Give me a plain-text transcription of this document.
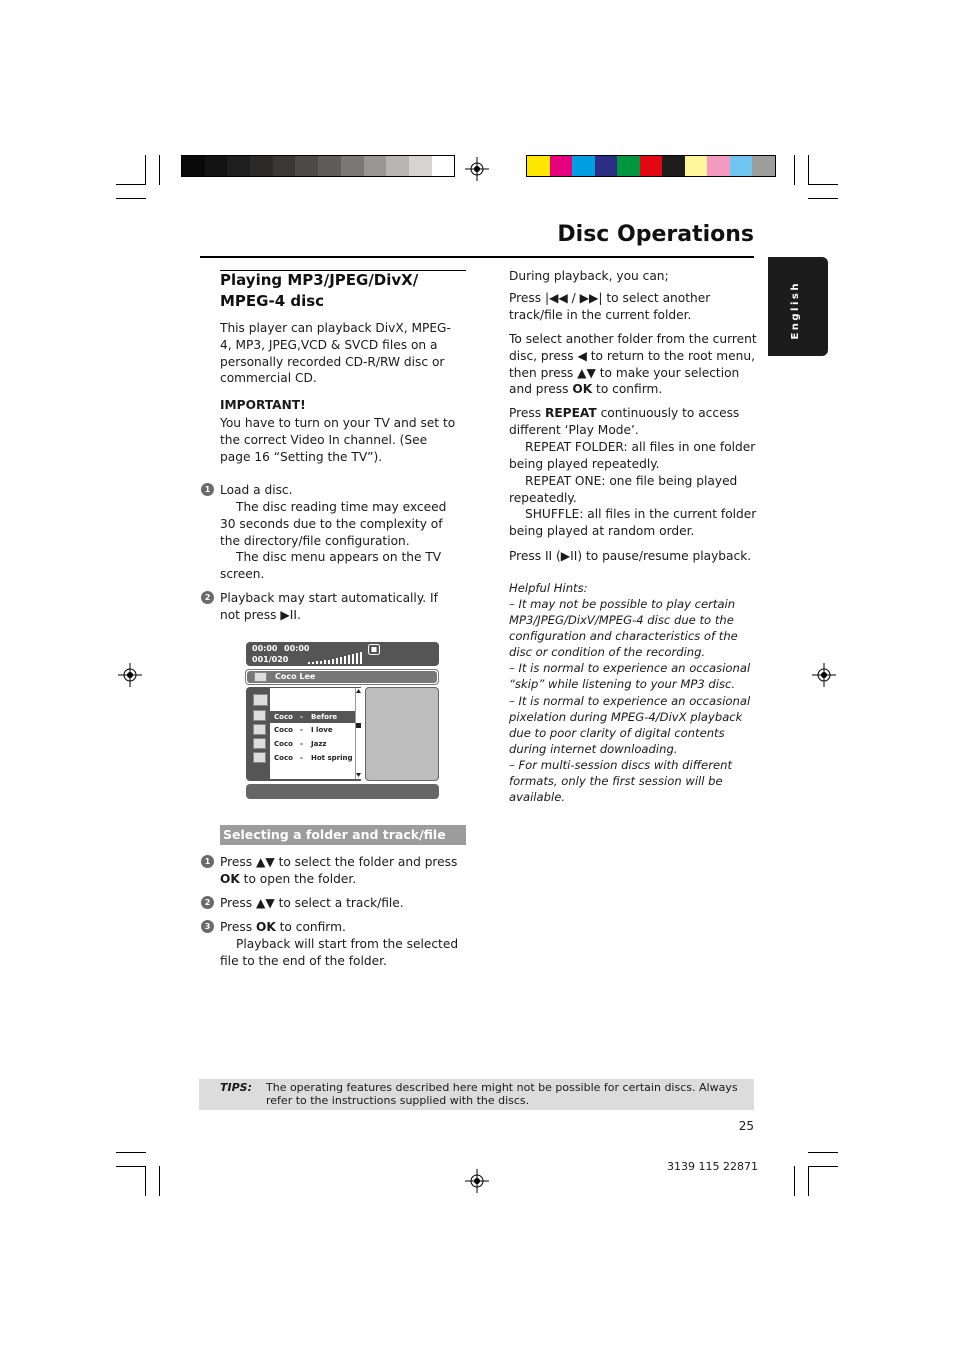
Disc Operations
English
Playing MP3/JPEG/DivX/ MPEG-4 disc
This player can playback DivX, MPEG-4, MP3, JPEG,VCD & SVCD files on a personally recorded CD-R/RW disc or commercial CD.
IMPORTANT!
You have to turn on your TV and set to the correct Video In channel. (See page 16 “Setting the TV”).
1 Load a disc.
The disc reading time may exceed 30 seconds due to the complexity of the directory/file configuration.
The disc menu appears on the TV screen.
2 Playback may start automatically. If not press ▶II.
00:00 00:00
001/020
Coco Lee
Coco - Before
Coco - I love
Coco - Jazz
Coco - Hot spring
Selecting a folder and track/file
1 Press ▲▼ to select the folder and press OK to open the folder.
2 Press ▲▼ to select a track/file.
3 Press OK to confirm.
Playback will start from the selected file to the end of the folder.
During playback, you can;
Press |◀◀ / ▶▶| to select another track/file in the current folder.
To select another folder from the current disc, press ◀ to return to the root menu, then press ▲▼ to make your selection and press OK to confirm.
Press REPEAT continuously to access different ‘Play Mode’.
REPEAT FOLDER: all files in one folder being played repeatedly.
REPEAT ONE: one file being played repeatedly.
SHUFFLE: all files in the current folder being played at random order.
Press II (▶II) to pause/resume playback.
Helpful Hints:
– It may not be possible to play certain MP3/JPEG/DixV/MPEG-4 disc due to the configuration and characteristics of the disc or condition of the recording.
– It is normal to experience an occasional “skip” while listening to your MP3 disc.
– It is normal to experience an occasional pixelation during MPEG-4/DivX playback due to poor clarity of digital contents during internet downloading.
– For multi-session discs with different formats, only the first session will be available.
TIPS: The operating features described here might not be possible for certain discs. Always refer to the instructions supplied with the discs.
25
3139 115 22871
